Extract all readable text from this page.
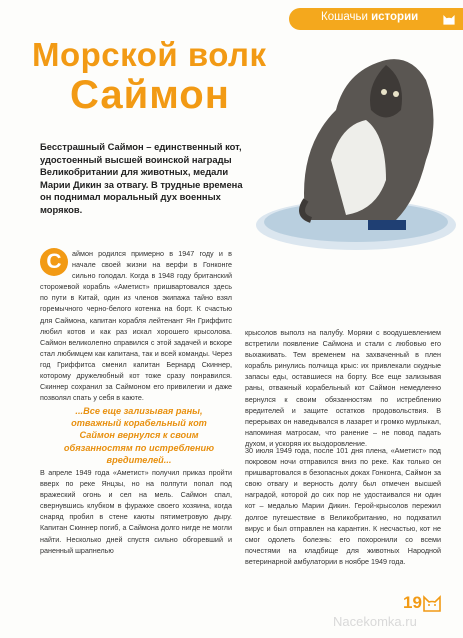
Кошачьи истории
Морской волк
Саймон
Бесстрашный Саймон – единственный кот, удостоенный высшей воинской награды Великобритании для животных, медали Марии Дикин за отвагу. В трудные времена он поднимал моральный дух военных моряков.
С	аймон родился примерно в 1947 году и в начале своей жизни на верфи в Гонконге сильно голодал. Когда в 1948 году британский сторожевой корабль «Аметист» пришвартовался здесь по пути в Китай, один из членов экипажа тайно взял горемычного черно-белого котенка на борт. К счастью для Саймона, капитан корабля лейтенант Ян Гриффитс любил котов и как раз искал хорошего крысолова. Саймон великолепно справился с этой задачей и вскоре стал любимцем как капитана, так и всей команды. Через год Гриффитса сменил капитан Бернард Скиннер, которому дружелюбный кот тоже сразу понравился. Скиннер сохранил за Саймоном его привилегии и даже позволял спать у себя в каюте.
...Все еще зализывая раны, отважный корабельный кот Саймон вернулся к своим обязанностям по истреблению вредителей...
В апреле 1949 года «Аметист» получил приказ пройти вверх по реке Янцзы, но на полпути попал под вражеский огонь и сел на мель. Саймон спал, свернувшись клубком в фуражке своего хозяина, когда снаряд пробил в стене каюты пятиметровую дыру. Капитан Скиннер погиб, а Саймона долго нигде не могли найти. Несколько дней спустя сильно обгоревший и раненный шрапнелью
крысолов выполз на палубу. Моряки с воодушевлением встретили появление Саймона и стали с любовью его выхаживать. Тем временем на захваченный в плен корабль ринулись полчища крыс: их привлекали скудные запасы еды, оставшиеся на борту. Все еще зализывая раны, отважный корабельный кот Саймон немедленно вернулся к своим обязанностям по истреблению вредителей и защите остатков продовольствия. В перерывах он наведывался в лазарет и громко мурлыкал, напоминая матросам, что ранение – не повод падать духом, и ускоряя их выздоровление.
30 июля 1949 года, после 101 дня плена, «Аметист» под покровом ночи отправился вниз по реке. Как только он пришвартовался в безопасных доках Гонконга, Саймон за свою отвагу и верность долгу был отмечен высшей наградой, которой до сих пор не удостаивался ни один кот – медалью Марии Дикин. Герой-крысолов пережил долгое путешествие в Великобританию, но подхватил вирус и был отправлен на карантин. К несчастью, кот не смог одолеть болезнь: его похоронили со всеми почестями на кладбище для животных Народной ветеринарной амбулатории в ноябре 1949 года.
19
Nacekomka.ru
